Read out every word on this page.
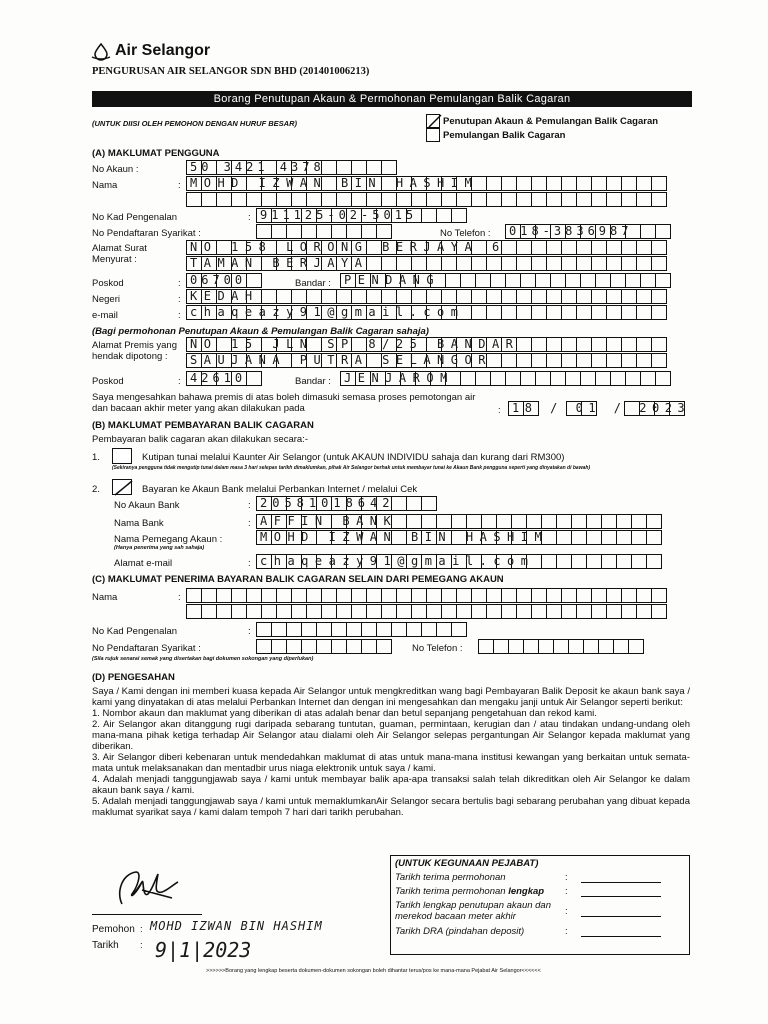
Air Selangor
PENGURUSAN AIR SELANGOR SDN BHD (201401006213)
Borang Penutupan Akaun & Permohonan Pemulangan Balik Cagaran
(UNTUK DIISI OLEH PEMOHON DENGAN HURUF BESAR)	Penutupan Akaun & Pemulangan Balik Cagaran
Pemulangan Balik Cagaran
(A) MAKLUMAT PENGGUNA
No Akaun :	50 3421 4378
Nama	: MOHD IZWAN BIN HASHIM
No Kad Pengenalan	: 911125-02-5015
No Pendaftaran Syarikat :	No Telefon : 018-3836987
Alamat Surat Menyurat :
NO 158 LORONG BERJAYA 6
TAMAN BERJAYA
Poskod	: 06700	Bandar : PENDANG
Negeri	: KEDAH
e-mail	: chaqeazy91@gmail.com
(Bagi permohonan Penutupan Akaun & Pemulangan Balik Cagaran sahaja)
Alamat Premis yang hendak dipotong :
NO 15 JLN SP 8/25 BANDAR
SAUJANA PUTRA SELANGOR
Poskod	: 42610	Bandar : JENJAROM
Saya mengesahkan bahawa premis di atas boleh dimasuki semasa proses pemotongan air
dan bacaan akhir meter yang akan dilakukan pada	: 18 / 01 / 2023
(B) MAKLUMAT PEMBAYARAN BALIK CAGARAN
Pembayaran balik cagaran akan dilakukan secara:-
1.	Kutipan tunai melalui Kaunter Air Selangor (untuk AKAUN INDIVIDU sahaja dan kurang dari RM300)
(Sekiranya pengguna tidak mengutip tunai dalam masa 3 hari selepas tarikh dimaklumkan, pihak Air Selangor berhak untuk membayar tunai ke Akaun Bank pengguna seperti yang dinyatakan di bawah)
2.	Bayaran ke Akaun Bank melalui Perbankan Internet / melalui Cek
No Akaun Bank	: 20581018642
Nama Bank	: AFFIN BANK
Nama Pemegang Akaun :	MOHD IZWAN BIN HASHIM
(Hanya penerima yang sah sahaja)
Alamat e-mail	: chaqeazy91@gmail.com
(C) MAKLUMAT PENERIMA BAYARAN BALIK CAGARAN SELAIN DARI PEMEGANG AKAUN
Nama	:
No Kad Pengenalan	:
No Pendaftaran Syarikat :	No Telefon :
(Sila rujuk senarai semak yang disertakan bagi dokumen sokongan yang diperlukan)
(D) PENGESAHAN
Saya / Kami dengan ini memberi kuasa kepada Air Selangor untuk mengkreditkan wang bagi Pembayaran Balik Deposit ke akaun bank saya / kami yang dinyatakan di atas melalui Perbankan Internet dan dengan ini mengesahkan dan mengaku janji untuk Air Selangor seperti berikut:
1. Nombor akaun dan maklumat yang diberikan di atas adalah benar dan betul sepanjang pengetahuan dan rekod kami.
2. Air Selangor akan ditanggung rugi daripada sebarang tuntutan, guaman, permintaan, kerugian dan / atau tindakan undang-undang oleh mana-mana pihak ketiga terhadap Air Selangor atau dialami oleh Air Selangor selepas pergantungan Air Selangor kepada maklumat yang diberikan.
3. Air Selangor diberi kebenaran untuk mendedahkan maklumat di atas untuk mana-mana institusi kewangan yang berkaitan untuk semata-mata untuk melaksanakan dan mentadbir urus niaga elektronik untuk saya / kami.
4. Adalah menjadi tanggungjawab saya / kami untuk membayar balik apa-apa transaksi salah telah dikreditkan oleh Air Selangor ke dalam akaun bank saya / kami.
5. Adalah menjadi tanggungjawab saya / kami untuk memaklumkanAir Selangor secara bertulis bagi sebarang perubahan yang dibuat kepada maklumat syarikat saya / kami dalam tempoh 7 hari dari tarikh perubahan.
(UNTUK KEGUNAAN PEJABAT)
Tarikh terima permohonan	:
Tarikh terima permohonan lengkap :
Tarikh lengkap penutupan akaun dan
merekod bacaan meter akhir	:
Tarikh DRA (pindahan deposit)	:
Pemohon : MOHD IZWAN BIN HASHIM
Tarikh : 9|1|2023
>>>>>>Borang yang lengkap beserta dokumen-dokumen sokongan boleh dihantar terus/pos ke mana-mana Pejabat Air Selangor<<<<<<
